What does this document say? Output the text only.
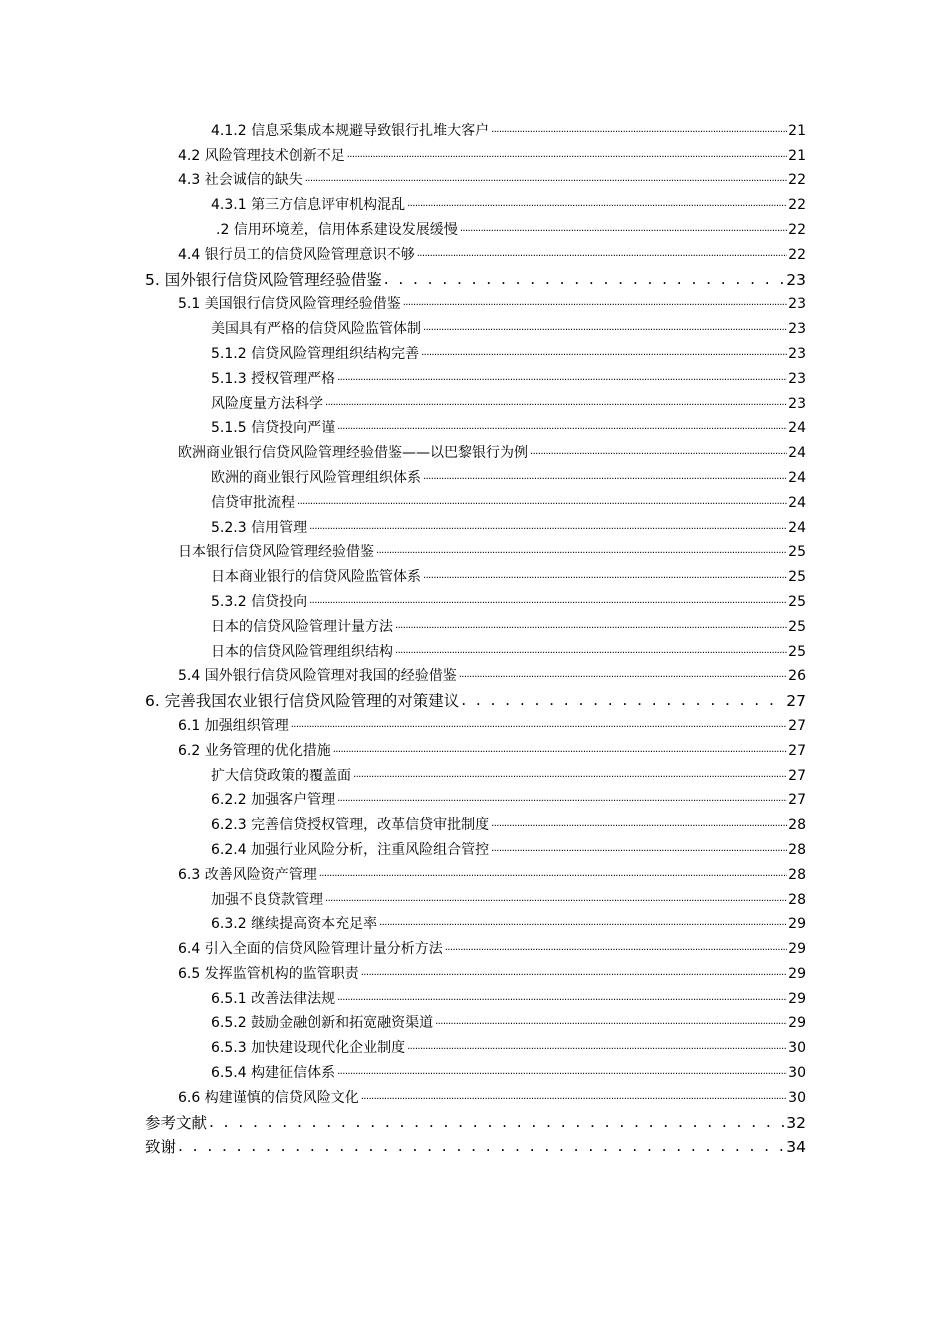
4.1.2 信息采集成本规避导致银行扎堆大客户 .....	21
4.2 风险管理技术创新不足 .....	21
4.3 社会诚信的缺失 .....	22
4.3.1 第三方信息评审机构混乱 .....	22
.2 信用环境差，信用体系建设发展缓慢 .....	22
4.4 银行员工的信贷风险管理意识不够 .....	22
5. 国外银行信贷风险管理经验借鉴 . . .	23
5.1 美国银行信贷风险管理经验借鉴 .....	23
美国具有严格的信贷风险监管体制 .....	23
5.1.2 信贷风险管理组织结构完善 .....	23
5.1.3 授权管理严格 .....	23
风险度量方法科学 .....	23
5.1.5 信贷投向严谨 .....	24
欧洲商业银行信贷风险管理经验借鉴——以巴黎银行为例 .....	24
欧洲的商业银行风险管理组织体系 .....	24
信贷审批流程 .....	24
5.2.3 信用管理 .....	24
日本银行信贷风险管理经验借鉴 .....	25
日本商业银行的信贷风险监管体系 .....	25
5.3.2 信贷投向 .....	25
日本的信贷风险管理计量方法 .....	25
日本的信贷风险管理组织结构 .....	25
5.4 国外银行信贷风险管理对我国的经验借鉴 .....	26
6. 完善我国农业银行信贷风险管理的对策建议 . . .	27
6.1 加强组织管理 .....	27
6.2 业务管理的优化措施 .....	27
扩大信贷政策的覆盖面 .....	27
6.2.2 加强客户管理 .....	27
6.2.3 完善信贷授权管理，改革信贷审批制度 .....	28
6.2.4 加强行业风险分析，注重风险组合管控 .....	28
6.3 改善风险资产管理 .....	28
加强不良贷款管理 .....	28
6.3.2 继续提高资本充足率 .....	29
6.4 引入全面的信贷风险管理计量分析方法 .....	29
6.5 发挥监管机构的监管职责 .....	29
6.5.1 改善法律法规 .....	29
6.5.2 鼓励金融创新和拓宽融资渠道 .....	29
6.5.3 加快建设现代化企业制度 .....	30
6.5.4 构建征信体系 .....	30
6.6 构建谨慎的信贷风险文化 .....	30
参考文献 . . .	32
致谢 . . .	34
